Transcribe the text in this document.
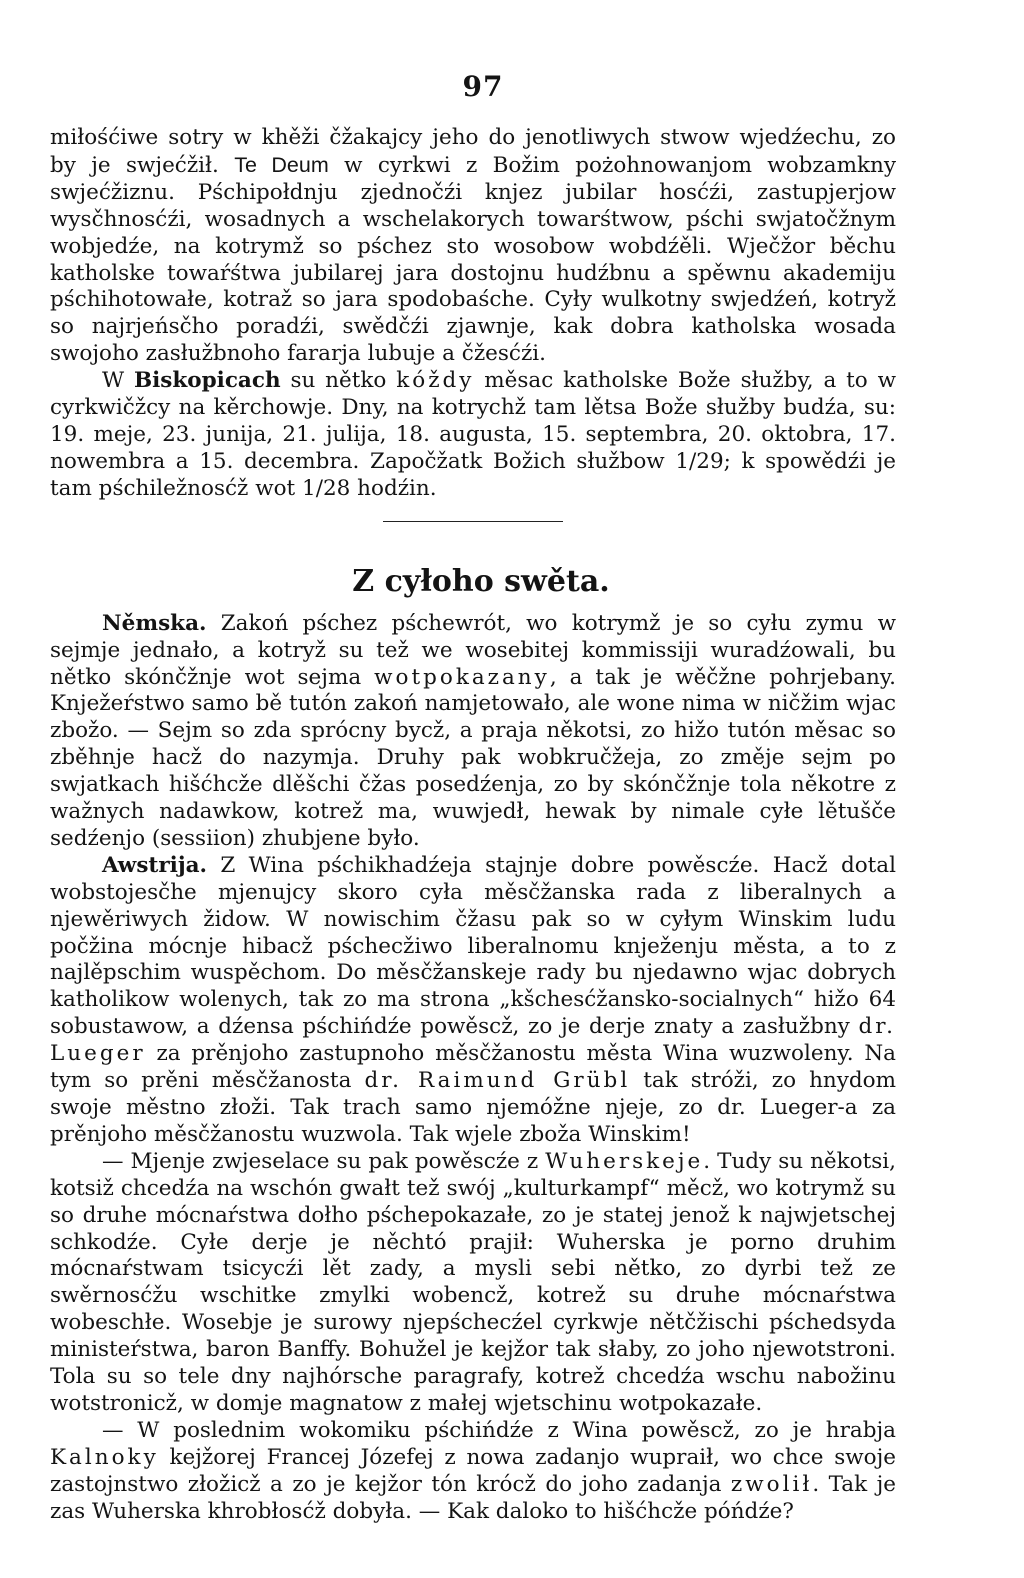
97

miłośćiwe sotry w khěži čžakajcy jeho do jenotliwych stwow wjedźechu, zo by je swjećžił. Te Deum w cyrkwi z Božim pożohnowanjom wobzamkny swjećžiznu. Pśchipołdnju zjednočźi knjez jubilar hosćźi, zastupjerjow wysčhnosćźi, wosadnych a wschelakorych towarśtwow, pśchi swjatočžnym wobjedźe, na kotrymž so pśchez sto wosobow wobdźěli. Wječžor běchu katholske towaŕśtwa jubilarej jara dostojnu hudźbnu a spěwnu akademiju pśchihotowałe, kotraž so jara spodobaśche. Cyły wulkotny swjedźeń, kotryž so najrjeńsčho poradźi, swědčźi zjawnje, kak dobra katholska wosada swojoho zasłužbnoho fararja lubuje a čžesćźi.

W Biskopicach su nětko kóždy měsac katholske Bože słužby, a to w cyrkwičžcy na kěrchowje. Dny, na kotrychž tam lětsa Bože słužby budźa, su: 19. meje, 23. junija, 21. julija, 18. augusta, 15. septembra, 20. oktobra, 17. nowembra a 15. decembra. Započžatk Božich słužbow 1/29; k spowědźi je tam pśchiležnosćž wot 1/28 hodźin.

Z cyłoho swěta.

Němska. Zakoń pśchez pśchewrót, wo kotrymž je so cyłu zymu w sejmje jednało, a kotryž su tež we wosebitej kommissiji wuradźowali, bu nětko skónčžnje wot sejma wotpokazany, a tak je wěčžne pohrjebany. Knježeŕstwo samo bě tutón zakoń namjetowało, ale wone nima w ničžim wjac zbožo. — Sejm so zda sprócny bycž, a praja někotsi, zo hižo tutón měsac so zběhnje hacž do nazymja. Druhy pak wobkručžeja, zo změje sejm po swjatkach hišćhcže dlěšchi čžas posedźenja, zo by skónčžnje tola někotre z wažnych nadawkow, kotrež ma, wuwjedł, hewak by nimale cyłe lětušče sedźenjo (sessiion) zhubjene było.

Awstrija. Z Wina pśchikhadźeja stajnje dobre powěscźe. Hacž dotal wobstojesčhe mjenujcy skoro cyła měsčžanska rada z liberalnych a njewěriwych židow. W nowischim čžasu pak so w cyłym Winskim ludu počžina mócnje hibacž pśchecžiwo liberalnomu knježenju města, a to z najlěpschim wuspěchom. Do měsčžanskeje rady bu njedawno wjac dobrych katholikow wolenych, tak zo ma strona „kšchesćžansko-socialnych“ hižo 64 sobustawow, a dźensa pśchińdźe powěscž, zo je derje znaty a zasłužbny dr. Lueger za prěnjoho zastupnoho měsčžanostu města Wina wuzwoleny. Na tym so prěni měsčžanosta dr. Raimund Grübl tak stróži, zo hnydom swoje městno złoži. Tak trach samo njemóžne njeje, zo dr. Lueger-a za prěnjoho měsčžanostu wuzwola. Tak wjele zboža Winskim!

— Mjenje zwjeselace su pak powěscźe z Wuherskeje. Tudy su někotsi, kotsiž chcedźa na wschón gwałt tež swój „kulturkampf“ měcž, wo kotrymž su so druhe mócnaŕstwa dołho pśchepokazałe, zo je statej jenož k najwjetschej schkodźe. Cyłe derje je něchtó prajił: Wuherska je porno druhim mócnaŕstwam tsicycźi lět zady, a mysli sebi nětko, zo dyrbi tež ze swěrnosćžu wschitke zmylki wobencž, kotrež su druhe mócnaŕstwa wobeschłe. Wosebje je surowy njepśchecźel cyrkwje nětčžischi pśchedsyda ministeŕstwa, baron Banffy. Bohužel je kejžor tak słaby, zo joho njewotstroni. Tola su so tele dny najhórsche paragrafy, kotrež chcedźa wschu nabožinu wotstronicž, w domje magnatow z małej wjetschinu wotpokazałe.

— W poslednim wokomiku pśchińdźe z Wina powěscž, zo je hrabja Kalnoky kejžorej Francej Józefej z nowa zadanjo wupraił, wo chce swoje zastojnstwo złožicž a zo je kejžor tón krócž do joho zadanja zwolił. Tak je zas Wuherska khrobłosćž dobyła. — Kak daloko to hišćhcže póńdźe?
